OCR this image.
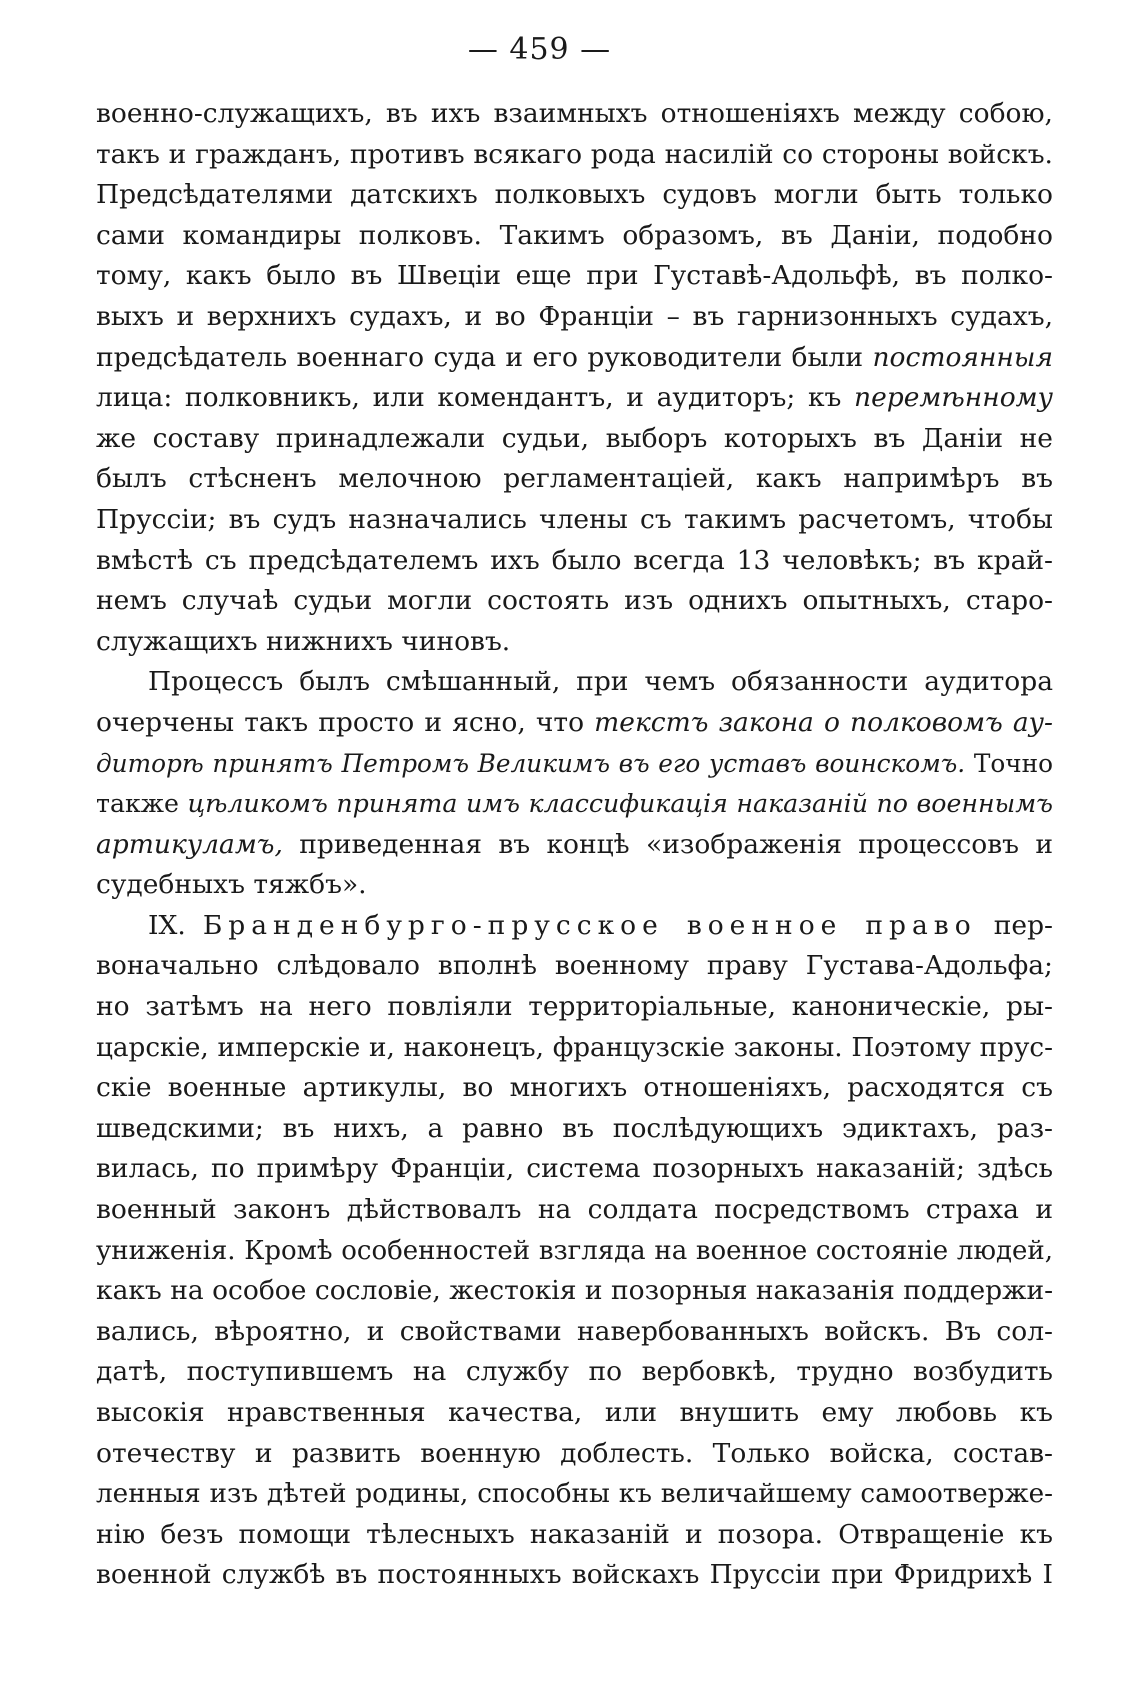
— 459 —
военно-служащихъ, въ ихъ взаимныхъ отношеніяхъ между собою,
такъ и гражданъ, противъ всякаго рода насилій со стороны войскъ.
Предсѣдателями датскихъ полковыхъ судовъ могли быть только
сами командиры полковъ. Такимъ образомъ, въ Даніи, подобно
тому, какъ было въ Швеціи еще при Густавѣ-Адольфѣ, въ полко-
выхъ и верхнихъ судахъ, и во Франціи – въ гарнизонныхъ судахъ,
предсѣдатель военнаго суда и его руководители были постоянныя
лица: полковникъ, или комендантъ, и аудиторъ; къ перемѣнному
же составу принадлежали судьи, выборъ которыхъ въ Даніи не
былъ стѣсненъ мелочною регламентаціей, какъ напримѣръ въ
Пруссіи; въ судъ назначались члены съ такимъ расчетомъ, чтобы
вмѣстѣ съ предсѣдателемъ ихъ было всегда 13 человѣкъ; въ край-
немъ случаѣ судьи могли состоять изъ однихъ опытныхъ, старо-
служащихъ нижнихъ чиновъ.
Процессъ былъ смѣшанный, при чемъ обязанности аудитора
очерчены такъ просто и ясно, что текстъ закона о полковомъ ау-
диторѣ принятъ Петромъ Великимъ въ его уставъ воинскомъ. Точно
также цѣликомъ принята имъ классификація наказаній по военнымъ
артикуламъ, приведенная въ концѣ «изображенія процессовъ и
судебныхъ тяжбъ».
IX. Бранденбурго-прусское военное право пер-
воначально слѣдовало вполнѣ военному праву Густава-Адольфа;
но затѣмъ на него повліяли территоріальные, каноническіе, ры-
царскіе, имперскіе и, наконецъ, французскіе законы. Поэтому прус-
скіе военные артикулы, во многихъ отношеніяхъ, расходятся съ
шведскими; въ нихъ, а равно въ послѣдующихъ эдиктахъ, раз-
вилась, по примѣру Франціи, система позорныхъ наказаній; здѣсь
военный законъ дѣйствовалъ на солдата посредствомъ страха и
униженія. Кромѣ особенностей взгляда на военное состояніе людей,
какъ на особое сословіе, жестокія и позорныя наказанія поддержи-
вались, вѣроятно, и свойствами навербованныхъ войскъ. Въ сол-
датѣ, поступившемъ на службу по вербовкѣ, трудно возбудить
высокія нравственныя качества, или внушить ему любовь къ
отечеству и развить военную доблесть. Только войска, состав-
ленныя изъ дѣтей родины, способны къ величайшему самоотверже-
нію безъ помощи тѣлесныхъ наказаній и позора. Отвращеніе къ
военной службѣ въ постоянныхъ войскахъ Пруссіи при Фридрихѣ I
